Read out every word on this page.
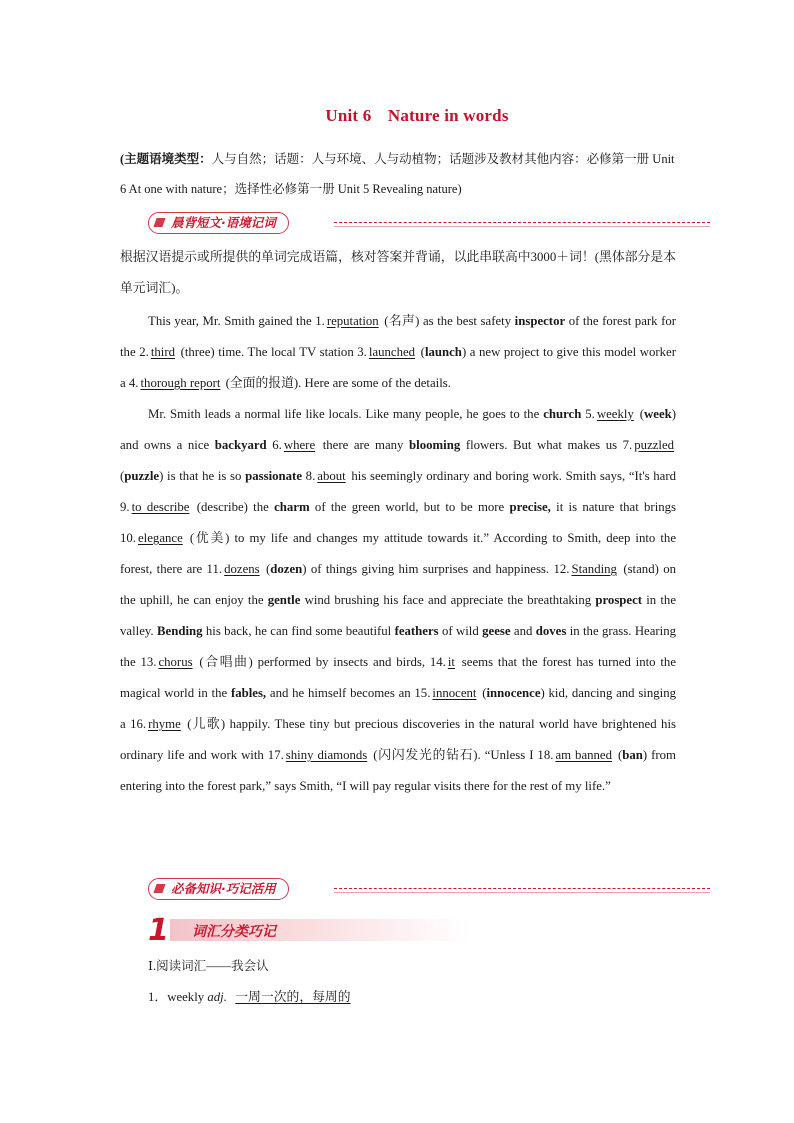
Unit 6 Nature in words
(主题语境类型：人与自然；话题：人与环境、人与动植物；话题涉及教材其他内容：必修第一册 Unit 6 At one with nature；选择性必修第一册 Unit 5 Revealing nature)
晨背短文·语境记词
根据汉语提示或所提供的单词完成语篇，核对答案并背诵，以此串联高中3000＋词！(黑体部分是本单元词汇)。
This year, Mr. Smith gained the 1. reputation (名声) as the best safety inspector of the forest park for the 2. third (three) time. The local TV station 3. launched (launch) a new project to give this model worker a 4. thorough report (全面的报道). Here are some of the details.
Mr. Smith leads a normal life like locals. Like many people, he goes to the church 5. weekly (week) and owns a nice backyard 6. where there are many blooming flowers. But what makes us 7. puzzled (puzzle) is that he is so passionate 8. about his seemingly ordinary and boring work. Smith says, “It's hard 9. to describe (describe) the charm of the green world, but to be more precise, it is nature that brings 10. elegance (优美) to my life and changes my attitude towards it.” According to Smith, deep into the forest, there are 11. dozens (dozen) of things giving him surprises and happiness. 12. Standing (stand) on the uphill, he can enjoy the gentle wind brushing his face and appreciate the breathtaking prospect in the valley. Bending his back, he can find some beautiful feathers of wild geese and doves in the grass. Hearing the 13. chorus (合唱曲) performed by insects and birds, 14. it seems that the forest has turned into the magical world in the fables, and he himself becomes an 15. innocent (innocence) kid, dancing and singing a 16. rhyme (儿歌) happily. These tiny but precious discoveries in the natural world have brightened his ordinary life and work with 17. shiny diamonds (闪闪发光的钻石). “Unless I 18. am banned (ban) from entering into the forest park,” says Smith, “I will pay regular visits there for the rest of my life.”
必备知识·巧记活用
1 词汇分类巧记
Ⅰ.阅读词汇——我会认
1．weekly adj. 一周一次的，每周的
